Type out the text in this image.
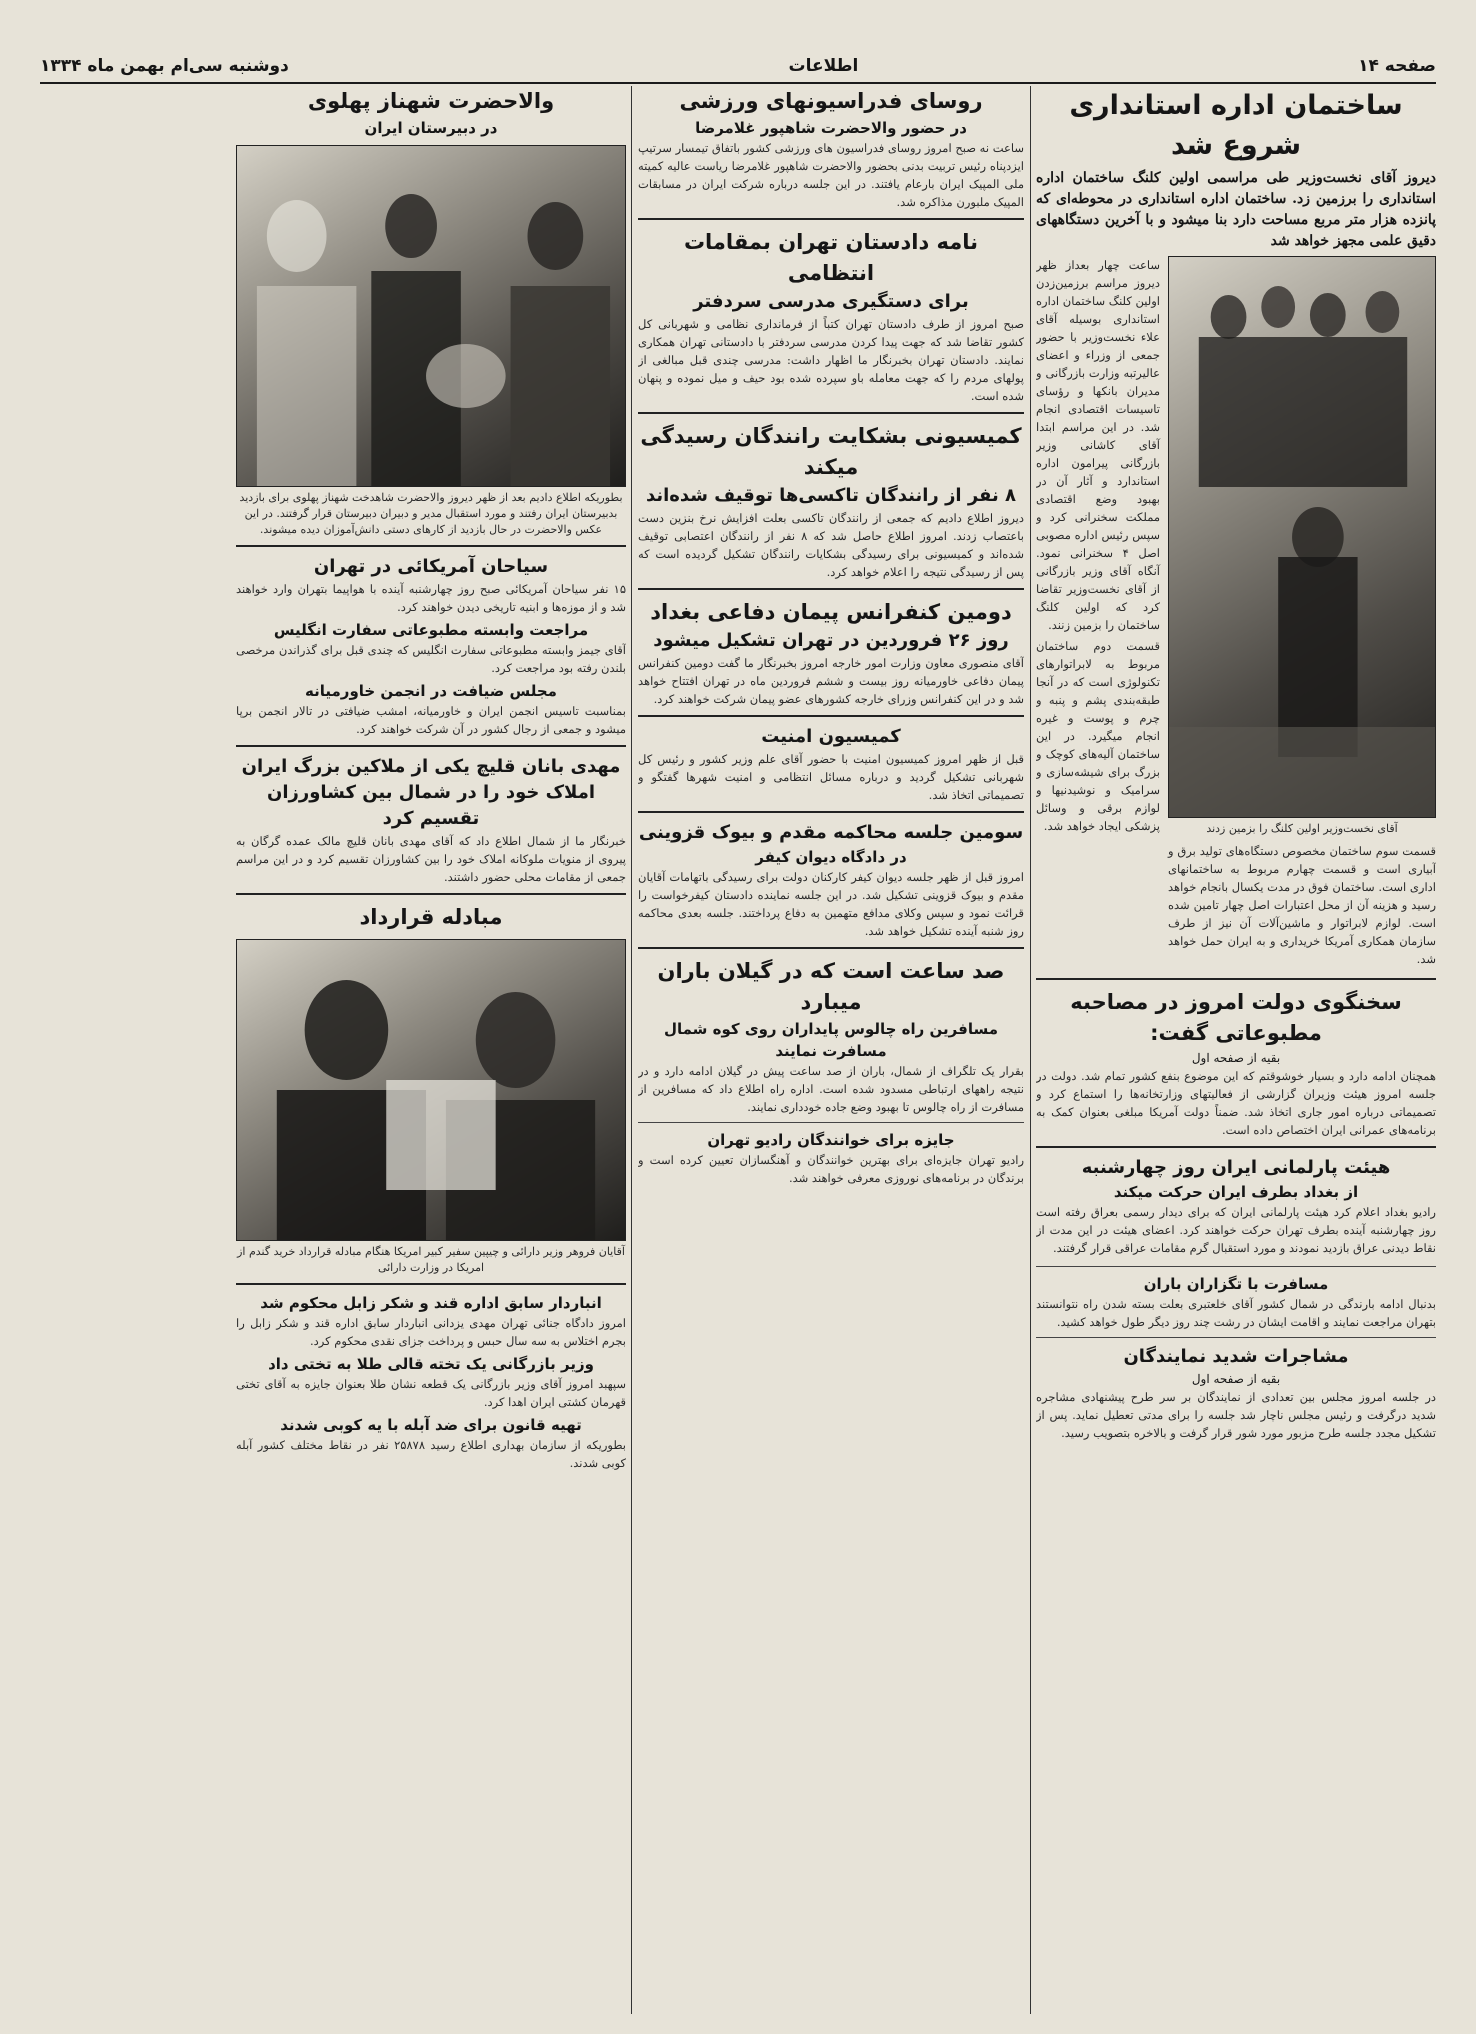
صفحه ۱۴
اطلاعات
دوشنبه سی‌ام بهمن ماه ۱۳۳۴
ساختمان اداره استانداری شروع شد
دیروز آقای نخست‌وزیر طی مراسمی اولین کلنگ ساختمان اداره استانداری را برزمین زد. ساختمان اداره استانداری در محوطه‌ای که پانزده هزار متر مربع مساحت دارد بنا میشود و با آخرین دستگاههای دقیق علمی مجهز خواهد شد
آقای نخست‌وزیر اولین کلنگ را بزمین زدند

قسمت سوم ساختمان مخصوص دستگاه‌های تولید برق و آبیاری است و قسمت چهارم مربوط به ساختمانهای اداری است. ساختمان فوق در مدت یکسال بانجام خواهد رسید و هزینه آن از محل اعتبارات اصل چهار تامین شده است. لوازم لابراتوار و ماشین‌آلات آن نیز از طرف سازمان همکاری آمریکا خریداری و به ایران حمل خواهد شد.

ساعت چهار بعداز ظهر دیروز مراسم برزمین‌زدن اولین کلنگ ساختمان اداره استانداری بوسیله آقای علاء نخست‌وزیر با حضور جمعی از وزراء و اعضای عالیرتبه وزارت بازرگانی و مدیران بانکها و رؤسای تاسیسات اقتصادی انجام شد. در این مراسم ابتدا آقای کاشانی وزیر بازرگانی پیرامون اداره استاندارد و آثار آن در بهبود وضع اقتصادی مملکت سخنرانی کرد و سپس رئیس اداره مصوبی اصل ۴ سخنرانی نمود. آنگاه آقای وزیر بازرگانی از آقای نخست‌وزیر تقاضا کرد که اولین کلنگ ساختمان را بزمین زنند.

قسمت دوم ساختمان مربوط به لابراتوارهای تکنولوژی است که در آنجا طبقه‌بندی پشم و پنبه و چرم و پوست و غیره انجام میگیرد. در این ساختمان آلیه‌های کوچک و بزرگ برای شیشه‌سازی و سرامیک و نوشیدنیها و لوازم برقی و وسائل پزشکی ایجاد خواهد شد.

سخنگوی دولت امروز در مصاحبه مطبوعاتی گفت:
بقیه از صفحه اول

همچنان ادامه دارد و بسیار خوشوقتم که این موضوع بنفع کشور تمام شد. دولت در جلسه امروز هیئت وزیران گزارشی از فعالیتهای وزارتخانه‌ها را استماع کرد و تصمیماتی درباره امور جاری اتخاذ شد. ضمناً دولت آمریکا مبلغی بعنوان کمک به برنامه‌های عمرانی ایران اختصاص داده است.

هیئت پارلمانی ایران روز چهارشنبه
از بغداد بطرف ایران حرکت میکند

رادیو بغداد اعلام کرد هیئت پارلمانی ایران که برای دیدار رسمی بعراق رفته است روز چهارشنبه آینده بطرف تهران حرکت خواهند کرد. اعضای هیئت در این مدت از نقاط دیدنی عراق بازدید نمودند و مورد استقبال گرم مقامات عراقی قرار گرفتند.

مسافرت با تگزاران باران

بدنبال ادامه بارندگی در شمال کشور آقای خلعتبری بعلت بسته شدن راه نتوانستند بتهران مراجعت نمایند و اقامت ایشان در رشت چند روز دیگر طول خواهد کشید.

مشاجرات شدید نمایندگان
بقیه از صفحه اول

در جلسه امروز مجلس بین تعدادی از نمایندگان بر سر طرح پیشنهادی مشاجره شدید درگرفت و رئیس مجلس ناچار شد جلسه را برای مدتی تعطیل نماید. پس از تشکیل مجدد جلسه طرح مزبور مورد شور قرار گرفت و بالاخره بتصویب رسید.

روسای فدراسیونهای ورزشی
در حضور والاحضرت شاهپور غلامرضا

ساعت نه صبح امروز روسای فدراسیون های ورزشی کشور باتفاق تیمسار سرتیپ ایزدپناه رئیس تربیت بدنی بحضور والاحضرت شاهپور غلامرضا ریاست عالیه کمیته ملی المپیک ایران بارعام یافتند. در این جلسه درباره شرکت ایران در مسابقات المپیک ملبورن مذاکره شد.

نامه دادستان تهران بمقامات انتظامی
برای دستگیری مدرسی سردفتر

صبح امروز از طرف دادستان تهران کتباً از فرمانداری نظامی و شهربانی کل کشور تقاضا شد که جهت پیدا کردن مدرسی سردفتر با دادستانی تهران همکاری نمایند. دادستان تهران بخبرنگار ما اظهار داشت: مدرسی چندی قبل مبالغی از پولهای مردم را که جهت معامله باو سپرده شده بود حیف و میل نموده و پنهان شده است.

کمیسیونی بشکایت رانندگان رسیدگی میکند
۸ نفر از رانندگان تاکسی‌ها توقیف شده‌اند

دیروز اطلاع دادیم که جمعی از رانندگان تاکسی بعلت افزایش نرخ بنزین دست باعتصاب زدند. امروز اطلاع حاصل شد که ۸ نفر از رانندگان اعتصابی توقیف شده‌اند و کمیسیونی برای رسیدگی بشکایات رانندگان تشکیل گردیده است که پس از رسیدگی نتیجه را اعلام خواهد کرد.

دومین کنفرانس پیمان دفاعی بغداد
روز ۲۶ فروردین در تهران تشکیل میشود

آقای منصوری معاون وزارت امور خارجه امروز بخبرنگار ما گفت دومین کنفرانس پیمان دفاعی خاورمیانه روز بیست و ششم فروردین ماه در تهران افتتاح خواهد شد و در این کنفرانس وزرای خارجه کشورهای عضو پیمان شرکت خواهند کرد.

کمیسیون امنیت

قبل از ظهر امروز کمیسیون امنیت با حضور آقای علم وزیر کشور و رئیس کل شهربانی تشکیل گردید و درباره مسائل انتظامی و امنیت شهرها گفتگو و تصمیماتی اتخاذ شد.

سومین جلسه محاکمه مقدم و بیوک قزوینی
در دادگاه دیوان کیفر

امروز قبل از ظهر جلسه دیوان کیفر کارکنان دولت برای رسیدگی باتهامات آقایان مقدم و بیوک قزوینی تشکیل شد. در این جلسه نماینده دادستان کیفرخواست را قرائت نمود و سپس وکلای مدافع متهمین به دفاع پرداختند. جلسه بعدی محاکمه روز شنبه آینده تشکیل خواهد شد.

صد ساعت است که در گیلان باران میبارد
مسافرین راه چالوس پایداران روی کوه شمال مسافرت نمایند

بقرار یک تلگراف از شمال، باران از صد ساعت پیش در گیلان ادامه دارد و در نتیجه راههای ارتباطی مسدود شده است. اداره راه اطلاع داد که مسافرین از مسافرت از راه چالوس تا بهبود وضع جاده خودداری نمایند.

جایزه برای خوانندگان رادیو تهران

رادیو تهران جایزه‌ای برای بهترین خوانندگان و آهنگسازان تعیین کرده است و برندگان در برنامه‌های نوروزی معرفی خواهند شد.

والاحضرت شهناز پهلوی
در دبیرستان ایران
بطوریکه اطلاع دادیم بعد از ظهر دیروز والاحضرت شاهدخت شهناز پهلوی برای بازدید بدبیرستان ایران رفتند و مورد استقبال مدیر و دبیران دبیرستان قرار گرفتند. در این عکس والاحضرت در حال بازدید از کارهای دستی دانش‌آموزان دیده میشوند.
سیاحان آمریکائی در تهران

۱۵ نفر سیاحان آمریکائی صبح روز چهارشنبه آینده با هواپیما بتهران وارد خواهند شد و از موزه‌ها و ابنیه تاریخی دیدن خواهند کرد.

مراجعت وابسته مطبوعاتی سفارت انگلیس

آقای جیمز وابسته مطبوعاتی سفارت انگلیس که چندی قبل برای گذراندن مرخصی بلندن رفته بود مراجعت کرد.

مجلس ضیافت در انجمن خاورمیانه

بمناسبت تاسیس انجمن ایران و خاورمیانه، امشب ضیافتی در تالار انجمن برپا میشود و جمعی از رجال کشور در آن شرکت خواهند کرد.

مهدی بانان قلیچ یکی از ملاکین بزرگ ایران
املاک خود را در شمال بین کشاورزان تقسیم کرد

خبرنگار ما از شمال اطلاع داد که آقای مهدی بانان قلیچ مالک عمده گرگان به پیروی از منویات ملوکانه املاک خود را بین کشاورزان تقسیم کرد و در این مراسم جمعی از مقامات محلی حضور داشتند.

مبادله قرارداد
آقایان فروهر وزیر دارائی و چیپین سفیر کبیر امریکا هنگام مبادله قرارداد خرید گندم از امریکا در وزارت دارائی
انباردار سابق اداره قند و شکر زابل محکوم شد

امروز دادگاه جنائی تهران مهدی یزدانی انباردار سابق اداره قند و شکر زابل را بجرم اختلاس به سه سال حبس و پرداخت جزای نقدی محکوم کرد.

وزیر بازرگانی یک تخته قالی طلا به تختی داد

سپهبد امروز آقای وزیر بازرگانی یک قطعه نشان طلا بعنوان جایزه به آقای تختی قهرمان کشتی ایران اهدا کرد.

تهیه قانون برای ضد آبله با یه کوبی شدند

بطوریکه از سازمان بهداری اطلاع رسید ۲۵۸۷۸ نفر در نقاط مختلف کشور آبله کوبی شدند.
